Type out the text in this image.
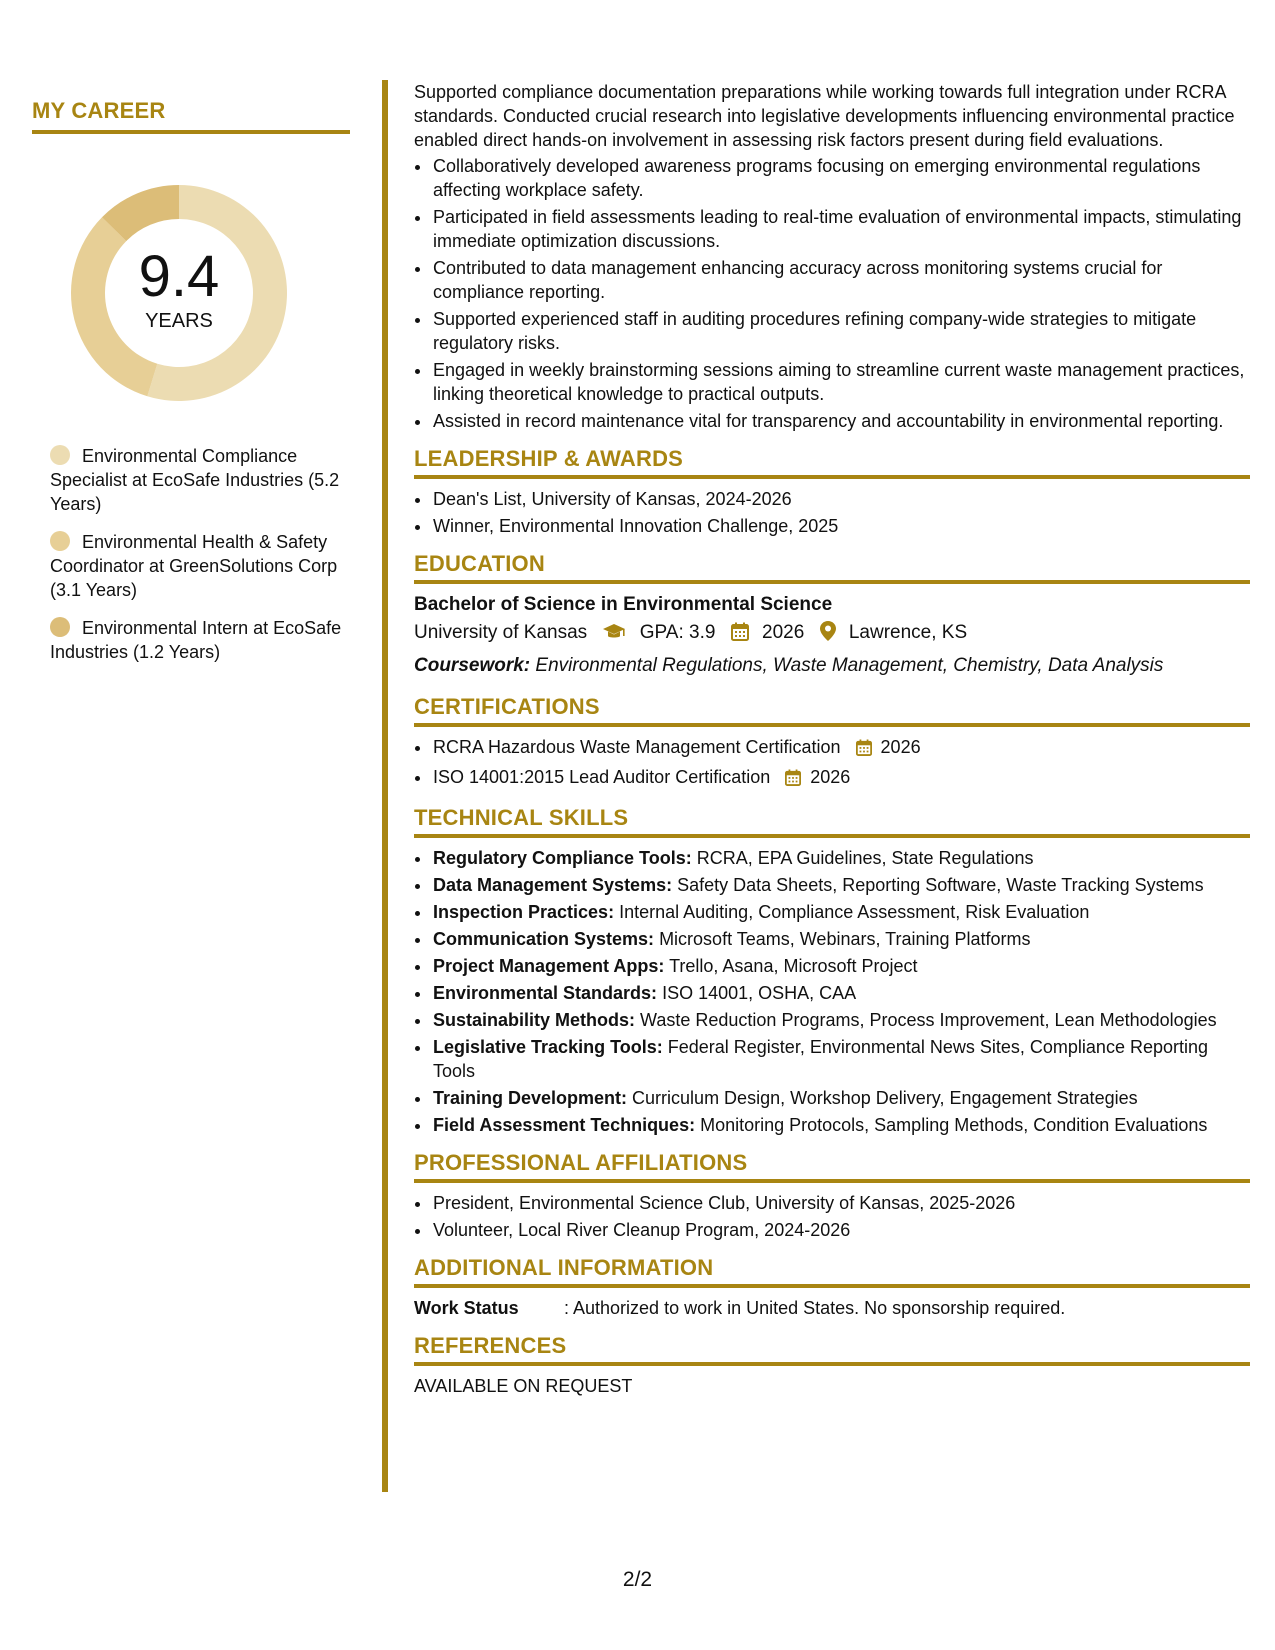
MY CAREER
9.4
YEARS
Environmental Compliance Specialist at EcoSafe Industries (5.2 Years)
Environmental Health & Safety Coordinator at GreenSolutions Corp (3.1 Years)
Environmental Intern at EcoSafe Industries (1.2 Years)

Supported compliance documentation preparations while working towards full integration under RCRA standards. Conducted crucial research into legislative developments influencing environmental practice enabled direct hands-on involvement in assessing risk factors present during field evaluations.

• Collaboratively developed awareness programs focusing on emerging environmental regulations affecting workplace safety.
• Participated in field assessments leading to real-time evaluation of environmental impacts, stimulating immediate optimization discussions.
• Contributed to data management enhancing accuracy across monitoring systems crucial for compliance reporting.
• Supported experienced staff in auditing procedures refining company-wide strategies to mitigate regulatory risks.
• Engaged in weekly brainstorming sessions aiming to streamline current waste management practices, linking theoretical knowledge to practical outputs.
• Assisted in record maintenance vital for transparency and accountability in environmental reporting.
LEADERSHIP & AWARDS
• Dean's List, University of Kansas, 2024-2026
• Winner, Environmental Innovation Challenge, 2025
EDUCATION
Bachelor of Science in Environmental Science
University of Kansas	GPA: 3.9 2026 Lawrence, KS
Coursework: Environmental Regulations, Waste Management, Chemistry, Data Analysis
CERTIFICATIONS
• RCRA Hazardous Waste Management Certification 2026
• ISO 14001:2015 Lead Auditor Certification 2026
TECHNICAL SKILLS
• Regulatory Compliance Tools: RCRA, EPA Guidelines, State Regulations
• Data Management Systems: Safety Data Sheets, Reporting Software, Waste Tracking Systems
• Inspection Practices: Internal Auditing, Compliance Assessment, Risk Evaluation
• Communication Systems: Microsoft Teams, Webinars, Training Platforms
• Project Management Apps: Trello, Asana, Microsoft Project
• Environmental Standards: ISO 14001, OSHA, CAA
• Sustainability Methods: Waste Reduction Programs, Process Improvement, Lean Methodologies
• Legislative Tracking Tools: Federal Register, Environmental News Sites, Compliance Reporting Tools
• Training Development: Curriculum Design, Workshop Delivery, Engagement Strategies
• Field Assessment Techniques: Monitoring Protocols, Sampling Methods, Condition Evaluations
PROFESSIONAL AFFILIATIONS
• President, Environmental Science Club, University of Kansas, 2025-2026
• Volunteer, Local River Cleanup Program, 2024-2026
ADDITIONAL INFORMATION
Work Status	: Authorized to work in United States. No sponsorship required.
REFERENCES

AVAILABLE ON REQUEST

2/2
